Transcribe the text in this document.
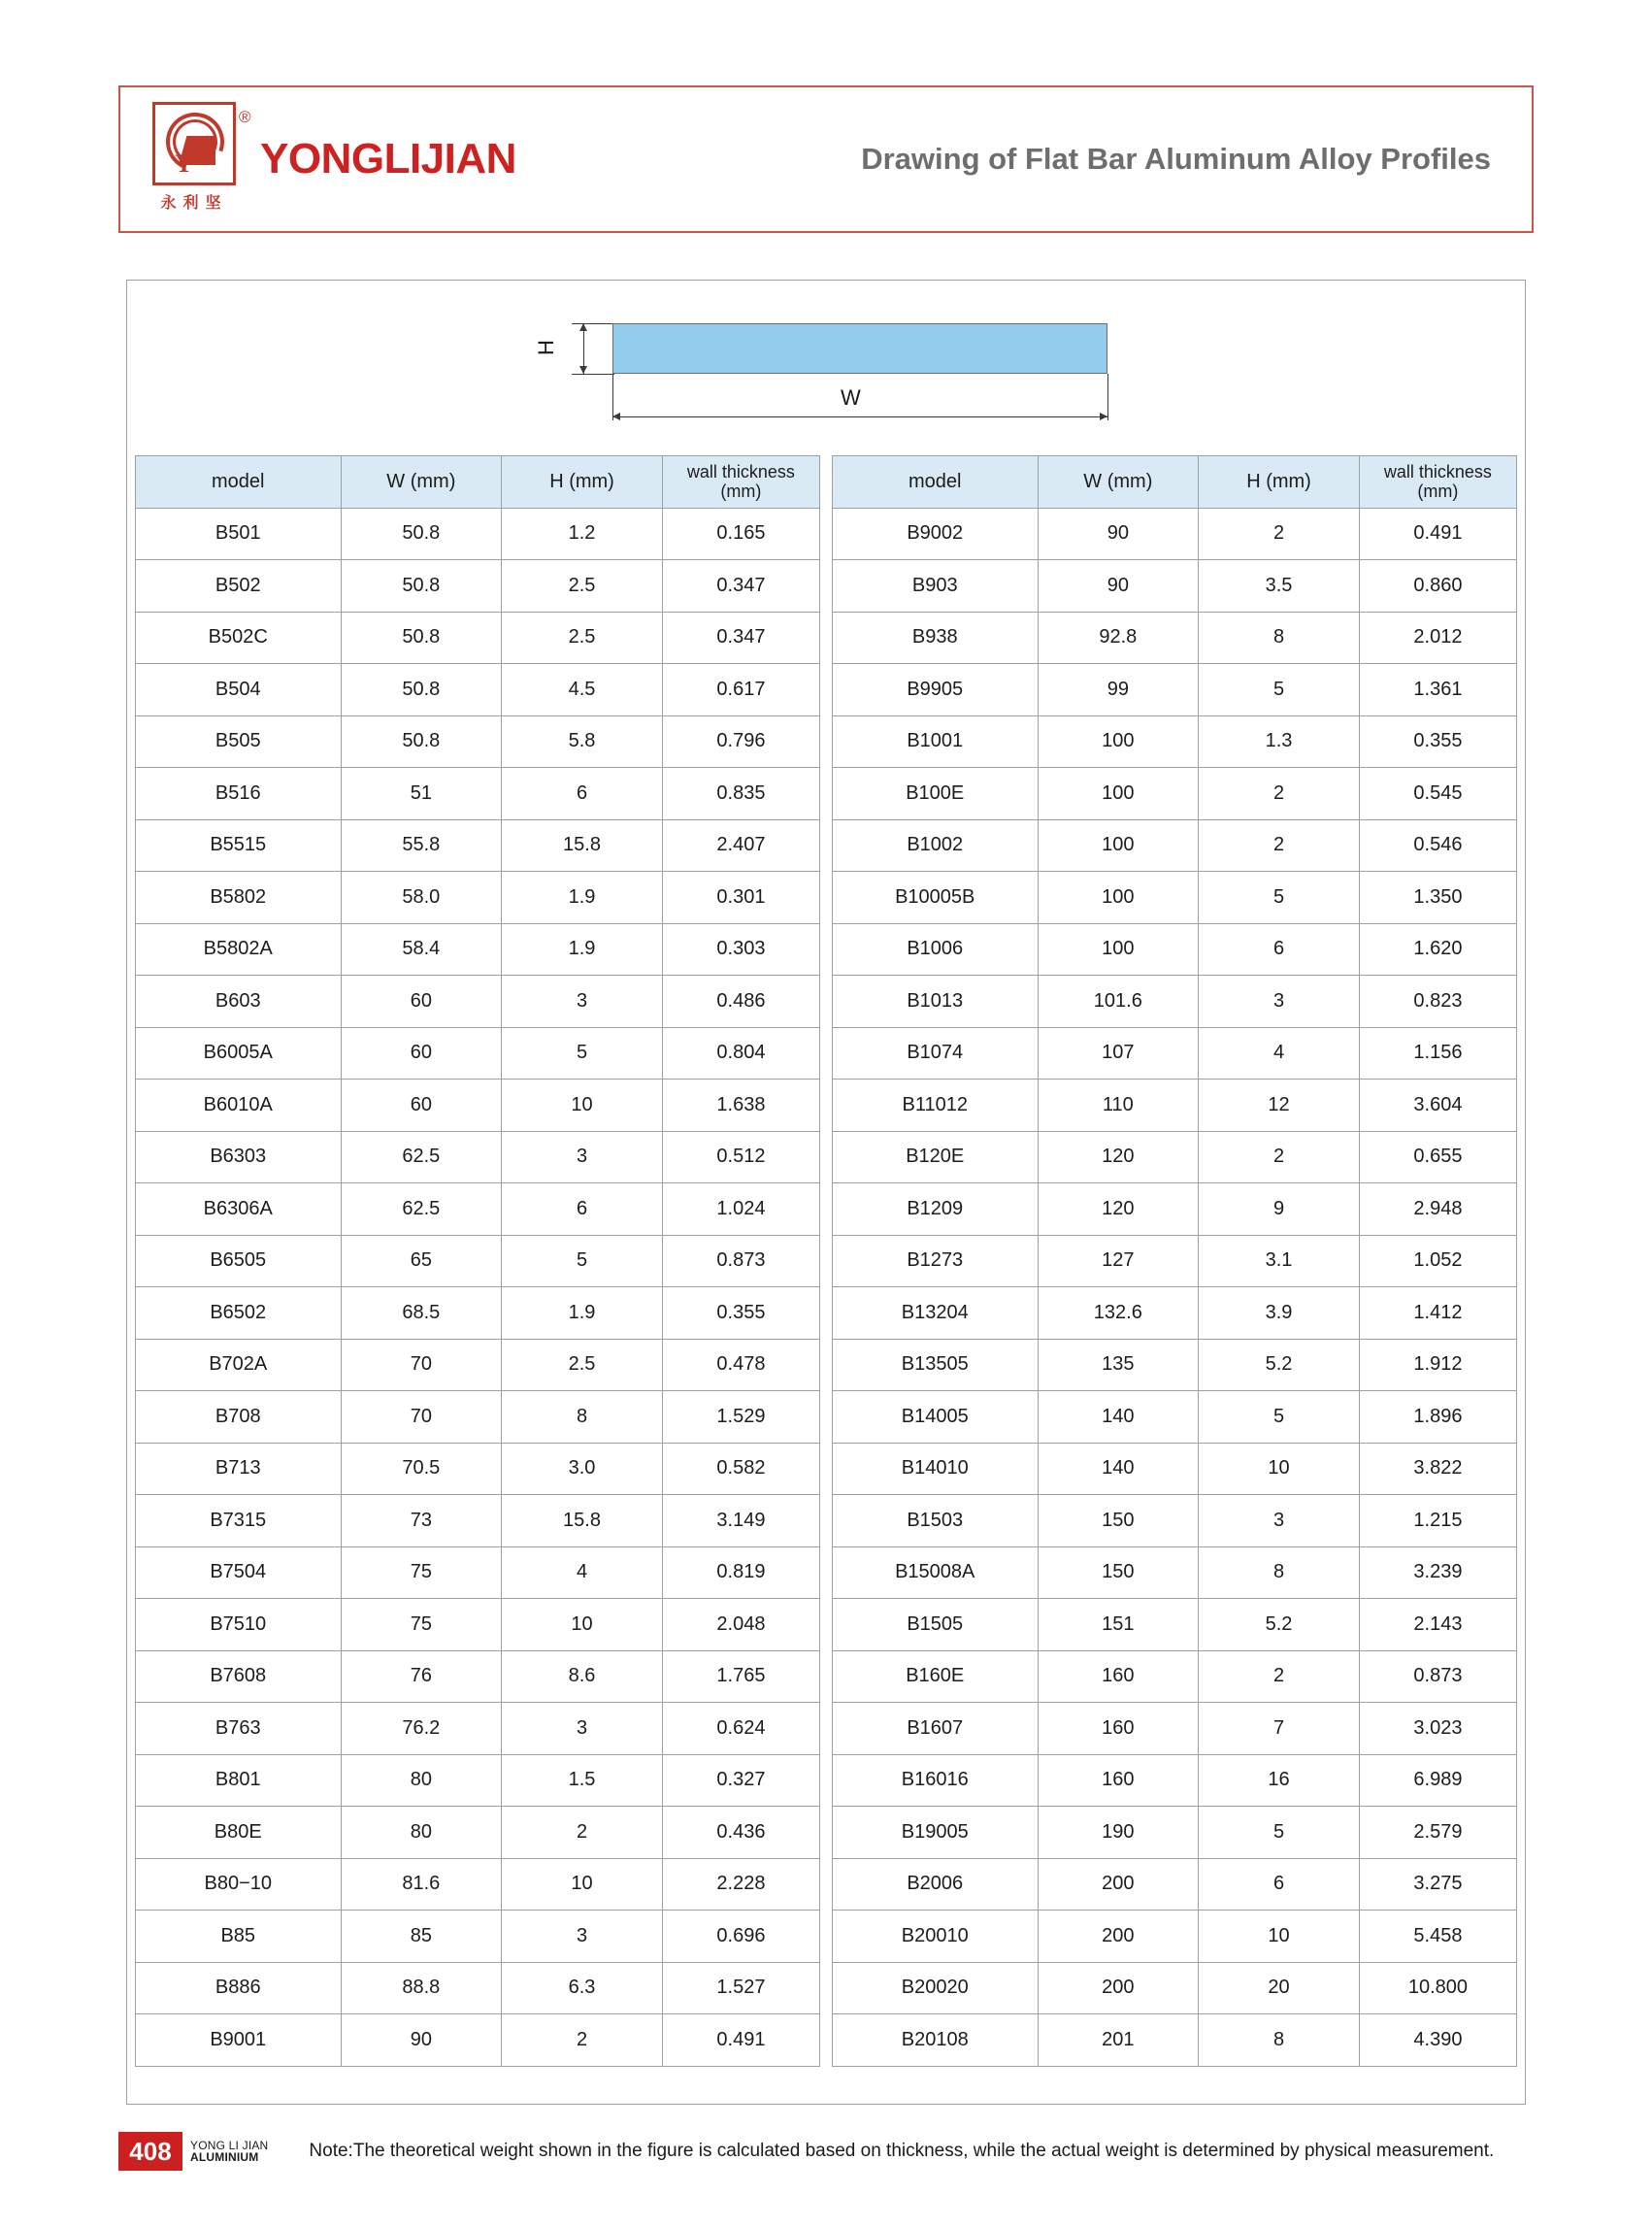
Y
永利坚
®
YONGLIJIAN	Drawing of Flat Bar Aluminum Alloy Profiles
H
W
model	W (mm)	H (mm)	wall thickness
(mm)
B501	50.8	1.2	0.165
B502	50.8	2.5	0.347
B502C	50.8	2.5	0.347
B504	50.8	4.5	0.617
B505	50.8	5.8	0.796
B516	51	6	0.835
B5515	55.8	15.8	2.407
B5802	58.0	1.9	0.301
B5802A	58.4	1.9	0.303
B603	60	3	0.486
B6005A	60	5	0.804
B6010A	60	10	1.638
B6303	62.5	3	0.512
B6306A	62.5	6	1.024
B6505	65	5	0.873
B6502	68.5	1.9	0.355
B702A	70	2.5	0.478
B708	70	8	1.529
B713	70.5	3.0	0.582
B7315	73	15.8	3.149
B7504	75	4	0.819
B7510	75	10	2.048
B7608	76	8.6	1.765
B763	76.2	3	0.624
B801	80	1.5	0.327
B80E	80	2	0.436
B80−10	81.6	10	2.228
B85	85	3	0.696
B886	88.8	6.3	1.527
B9001	90	2	0.491
model	W (mm)	H (mm)	wall thickness
(mm)
B9002	90	2	0.491
B903	90	3.5	0.860
B938	92.8	8	2.012
B9905	99	5	1.361
B1001	100	1.3	0.355
B100E	100	2	0.545
B1002	100	2	0.546
B10005B	100	5	1.350
B1006	100	6	1.620
B1013	101.6	3	0.823
B1074	107	4	1.156
B11012	110	12	3.604
B120E	120	2	0.655
B1209	120	9	2.948
B1273	127	3.1	1.052
B13204	132.6	3.9	1.412
B13505	135	5.2	1.912
B14005	140	5	1.896
B14010	140	10	3.822
B1503	150	3	1.215
B15008A	150	8	3.239
B1505	151	5.2	2.143
B160E	160	2	0.873
B1607	160	7	3.023
B16016	160	16	6.989
B19005	190	5	2.579
B2006	200	6	3.275
B20010	200	10	5.458
B20020	200	20	10.800
B20108	201	8	4.390
408	YONG LI JIAN
ALUMINIUM	Note:The theoretical weight shown in the figure is calculated based on thickness, while the actual weight is determined by physical measurement.
